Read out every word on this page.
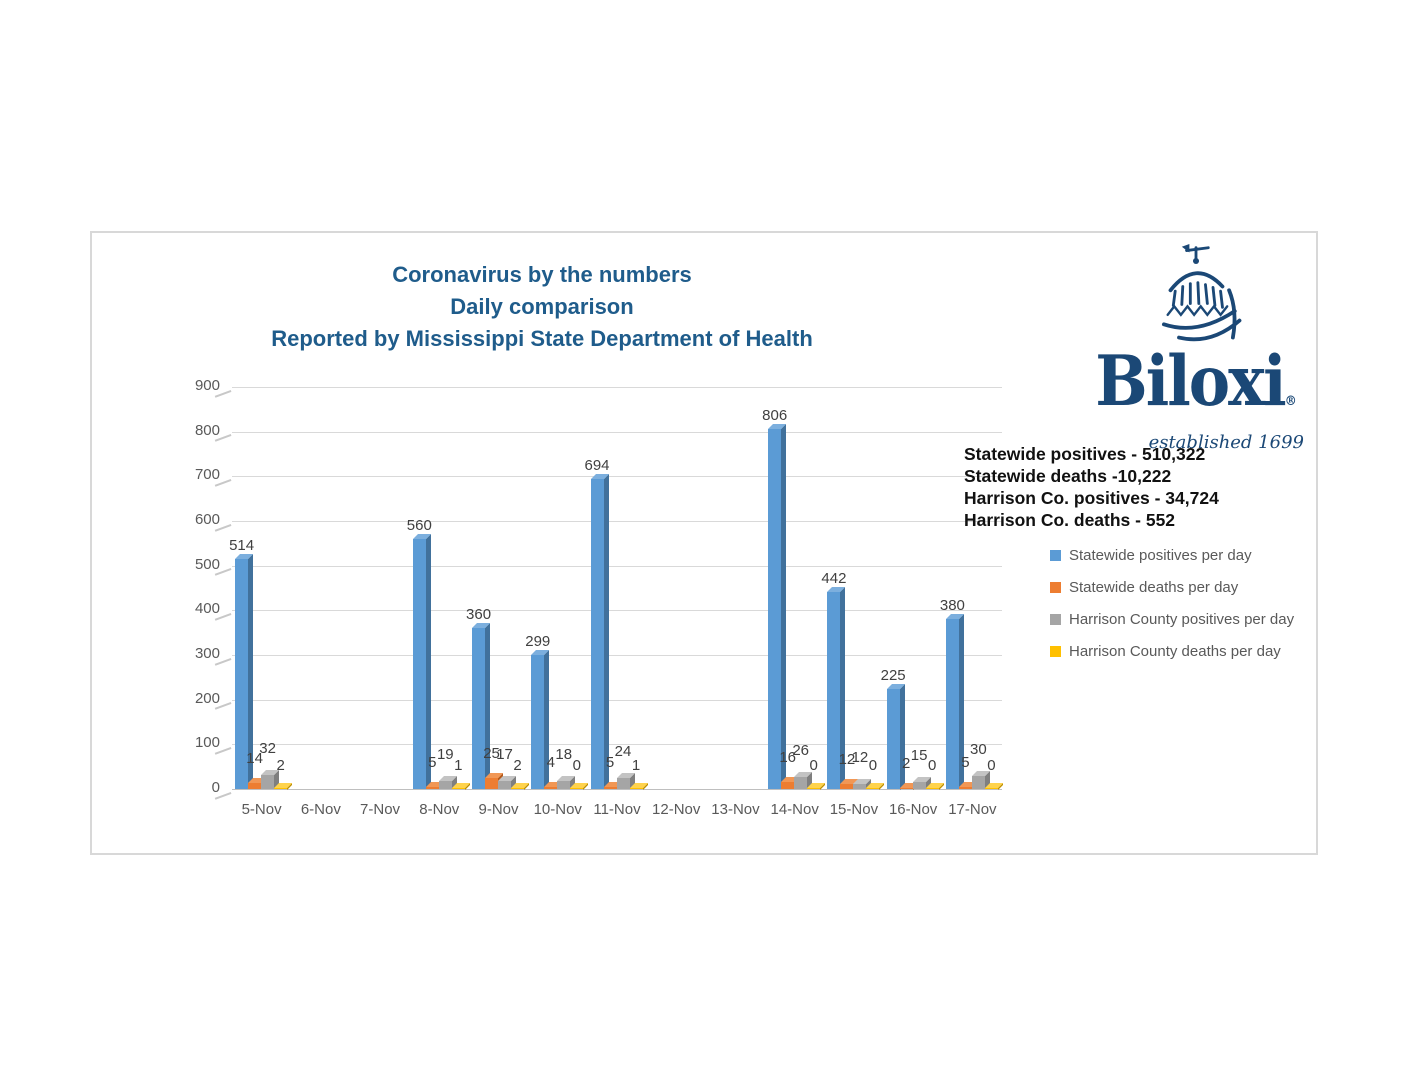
Coronavirus by the numbers
Daily comparison
Reported by Mississippi State Department of Health
Biloxi®
established 1699
Statewide positives - 510,322
Statewide deaths -10,222
Harrison Co. positives - 34,724
Harrison Co. deaths - 552
Statewide positives per day
Statewide deaths per day
Harrison County positives per day
Harrison County deaths per day
0
100
200
300
400
500
600
700
800
900
5-Nov	6-Nov	7-Nov	8-Nov	9-Nov	10-Nov 11-Nov 12-Nov 13-Nov 14-Nov 15-Nov 16-Nov 17-Nov
514
14
32
2
560
5 19
1
360
25
17
2
299
4 18
0
694
5
24
1
806
16
26
0
442
12
12 0
225
2 15
0
380
5
30
0
